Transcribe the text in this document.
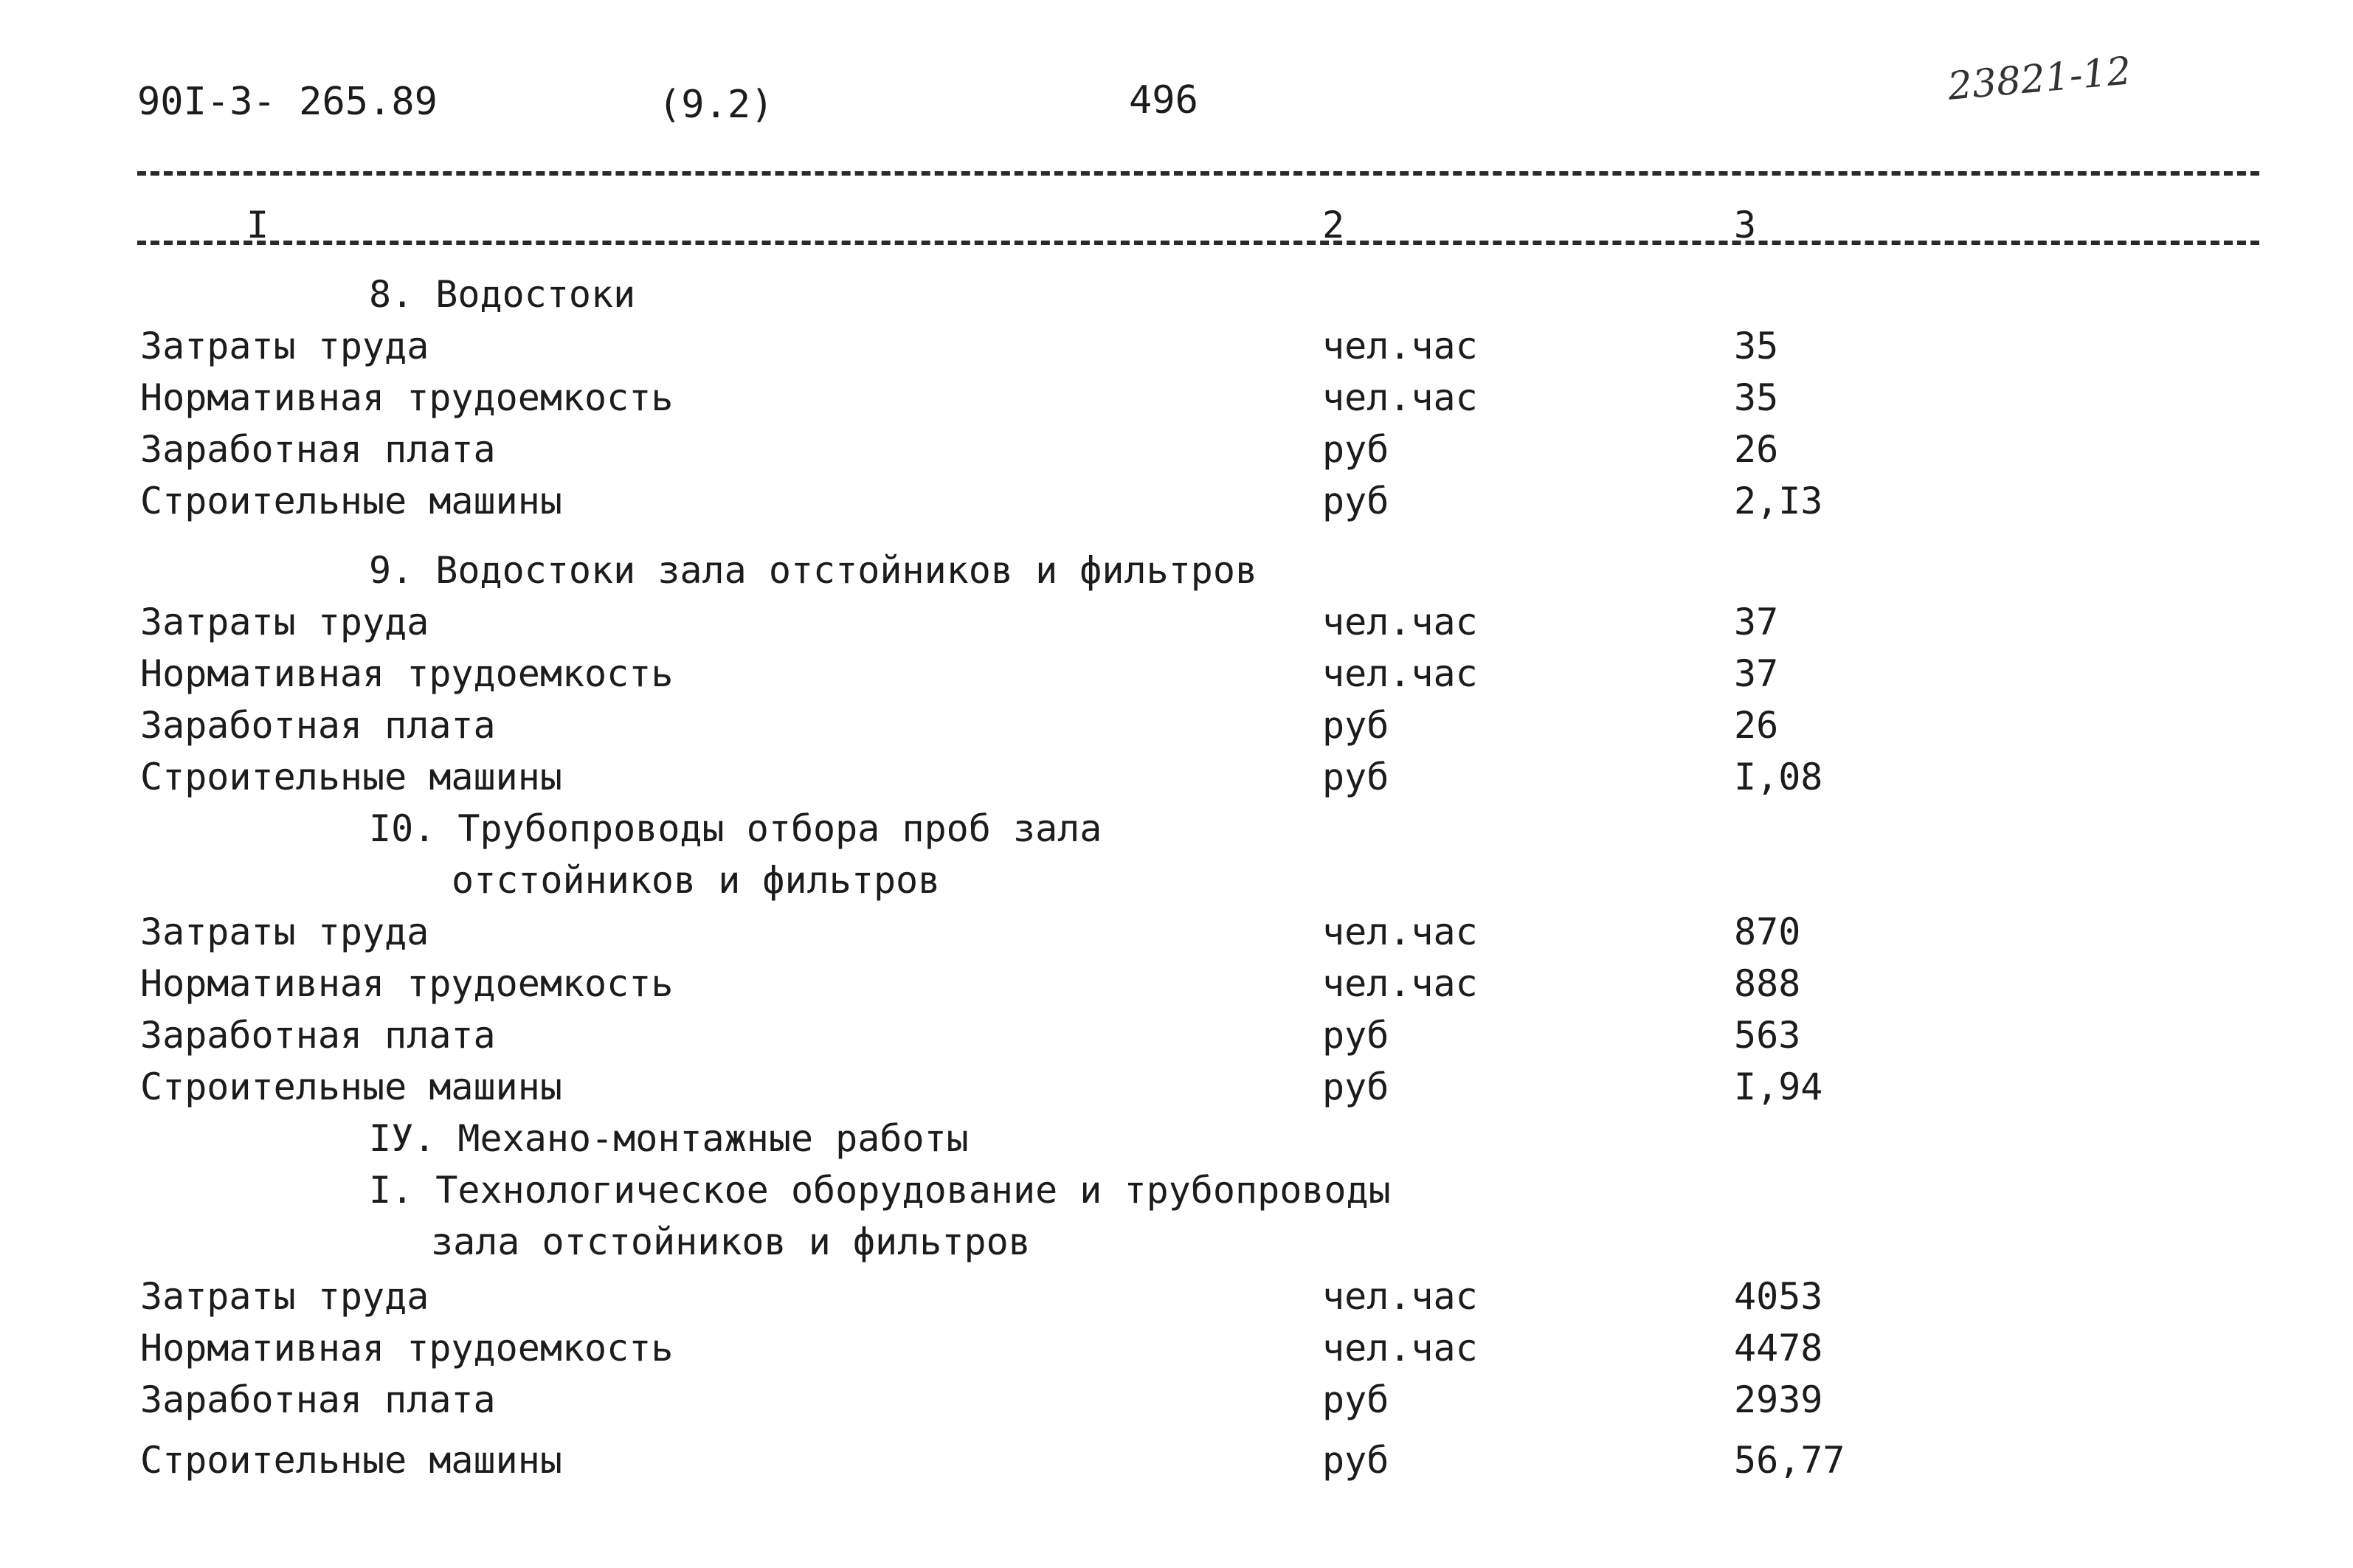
90I-3- 265.89	(9.2)	496	23821-12
I	2	3
8. Водостоки
Затраты труда	чел.час	35
Нормативная трудоемкость	чел.час	35
Заработная плата	руб	26
Строительные машины	руб	2,I3
9. Водостоки зала отстойников и фильтров
Затраты труда	чел.час	37
Нормативная трудоемкость	чел.час	37
Заработная плата	руб	26
Строительные машины	руб	I,08
I0. Трубопроводы отбора проб зала
отстойников и фильтров
Затраты труда	чел.час	870
Нормативная трудоемкость	чел.час	888
Заработная плата	руб	563
Строительные машины	руб	I,94
IУ. Механо-монтажные работы
I. Технологическое оборудование и трубопроводы
зала отстойников и фильтров
Затраты труда	чел.час	4053
Нормативная трудоемкость	чел.час	4478
Заработная плата	руб	2939
Строительные машины	руб	56,77
